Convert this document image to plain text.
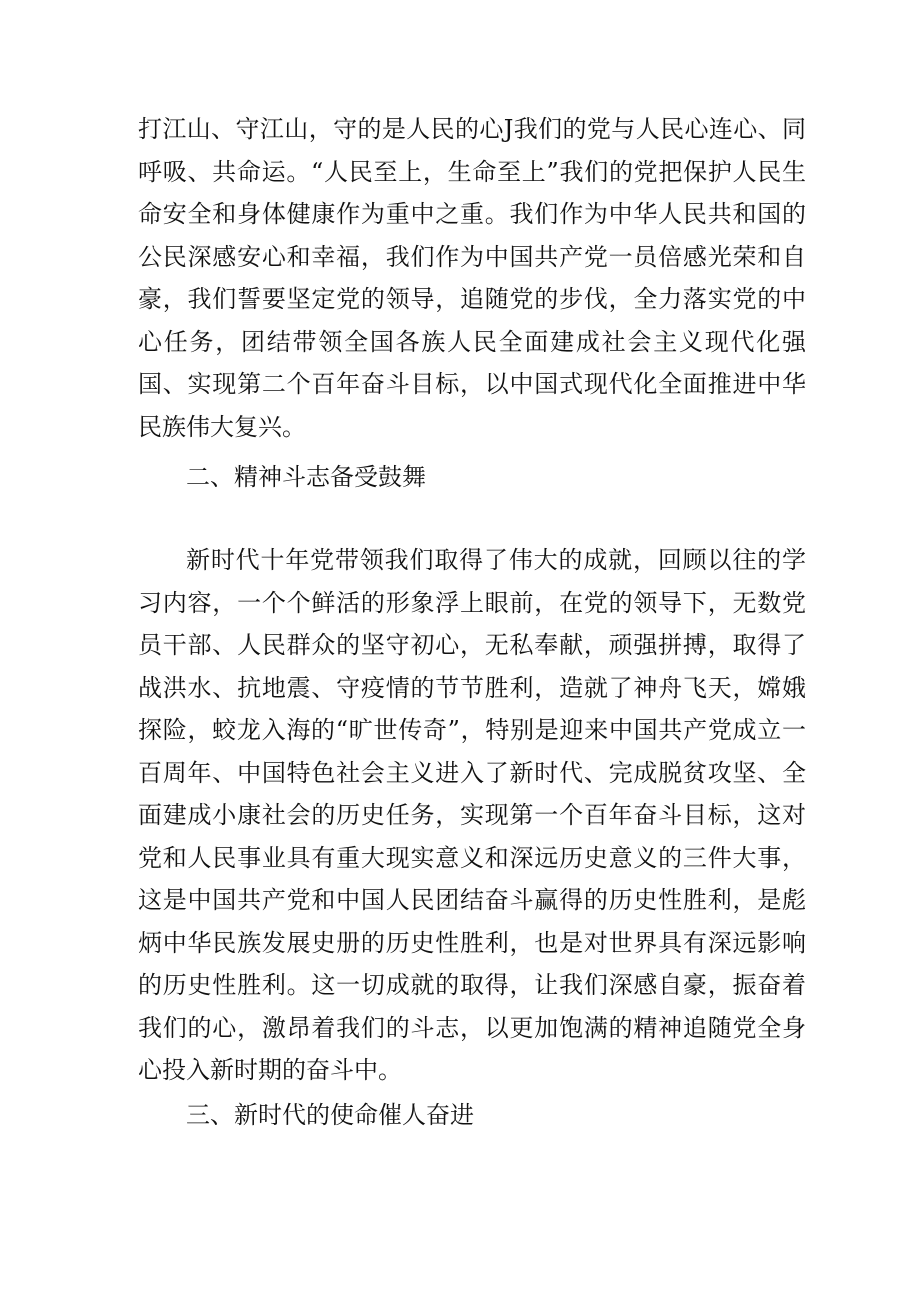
打江山、守江山，守的是人民的心J我们的党与人民心连心、同呼吸、共命运。“人民至上，生命至上”我们的党把保护人民生命安全和身体健康作为重中之重。我们作为中华人民共和国的公民深感安心和幸福，我们作为中国共产党一员倍感光荣和自豪，我们誓要坚定党的领导，追随党的步伐，全力落实党的中心任务，团结带领全国各族人民全面建成社会主义现代化强国、实现第二个百年奋斗目标，以中国式现代化全面推进中华民族伟大复兴。

二、精神斗志备受鼓舞

新时代十年党带领我们取得了伟大的成就，回顾以往的学习内容，一个个鲜活的形象浮上眼前，在党的领导下，无数党员干部、人民群众的坚守初心，无私奉献，顽强拼搏，取得了战洪水、抗地震、守疫情的节节胜利，造就了神舟飞天，嫦娥探险，蛟龙入海的“旷世传奇”，特别是迎来中国共产党成立一百周年、中国特色社会主义进入了新时代、完成脱贫攻坚、全面建成小康社会的历史任务，实现第一个百年奋斗目标，这对党和人民事业具有重大现实意义和深远历史意义的三件大事，这是中国共产党和中国人民团结奋斗赢得的历史性胜利，是彪炳中华民族发展史册的历史性胜利，也是对世界具有深远影响的历史性胜利。这一切成就的取得，让我们深感自豪，振奋着我们的心，激昂着我们的斗志，以更加饱满的精神追随党全身心投入新时期的奋斗中。

三、新时代的使命催人奋进
